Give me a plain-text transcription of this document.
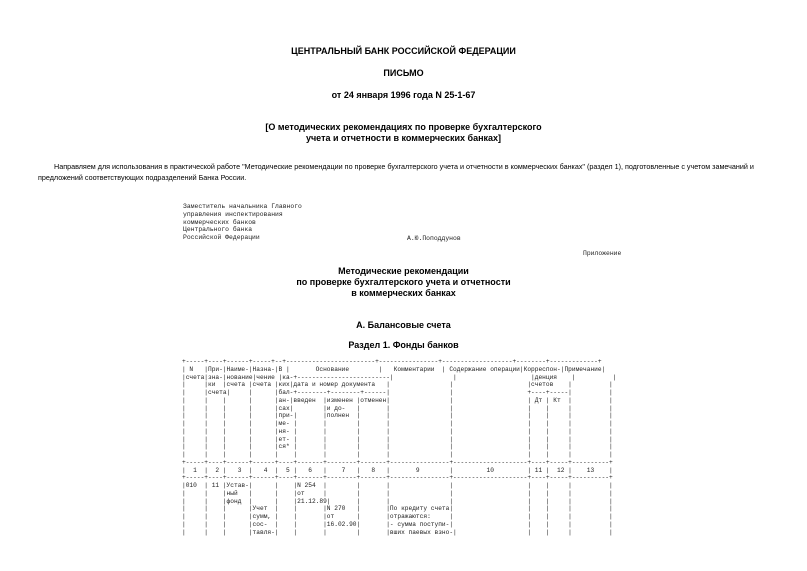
ЦЕНТРАЛЬНЫЙ БАНК РОССИЙСКОЙ ФЕДЕРАЦИИ
ПИСЬМО
от 24 января 1996 года N 25-1-67
[О методических рекомендациях по проверке бухгалтерского
учета и отчетности в коммерческих банках]
Направляем для использования в практической работе "Методические рекомендации по проверке бухгалтерского учета и отчетности в коммерческих банках" (раздел 1), подготовленные с учетом замечаний и предложений соответствующих подразделений Банка России.
Заместитель начальника Главного
управления инспектирования
коммерческих банков
Центрального банка
Российской Федерации	А.Ю.Поподдунов
Приложение
Методические рекомендации
по проверке бухгалтерского учета и отчетности
в коммерческих банках
А. Балансовые счета
Раздел 1. Фонды банков
+-----+----+------+-----+--+------------------------+----------------+-------------------+--------+-------------+
| N   |При-|Наиме-|Назна-|В |       Основание        |   Комментарии  | Содержание операции|Корреспон-|Примечание|
|счета|зна-|нование|чение |ка-+-------------------------|                |                    |денция    |          |
|     |ки  |счета |счета |ких|дата и номер документа   |                |                    |счетов    |          |
|     |счета|     |      |бал-+--------+--------+------|                |                    +----+-----|          |
|     |    |      |      |ан-|введен  |изменен |отменен|                |                    | Дт | Кт  |          |
|     |    |      |      |сах|        |и до-   |       |                |                    |    |     |          |
|     |    |      |      |при-|       |полнен  |       |                |                    |    |     |          |
|     |    |      |      |ме- |       |        |       |                |                    |    |     |          |
|     |    |      |      |ня- |       |        |       |                |                    |    |     |          |
|     |    |      |      |ет- |       |        |       |                |                    |    |     |          |
|     |    |      |      |ся* |       |        |       |                |                    |    |     |          |
|     |    |      |      |    |       |        |       |                |                    |    |     |          |
+-----+----+------+------+----+-------+--------+-------+----------------+--------------------+----+-----+----------+
|  1  |  2 |   3  |   4  |  5 |   6   |    7   |   8   |       9        |         10         | 11 |  12 |    13    |
+-----+----+------+------+----+-------+--------+-------+----------------+--------------------+----+-----+----------+
|010  | 11 |Устав-|      |    |N 254  |        |       |                |                    |    |     |          |
|     |    |ный   |      |    |от     |        |       |                |                    |    |     |          |
|     |    |фонд  |      |    |21.12.89|       |       |                |                    |    |     |          |
|     |    |      |Учет  |    |       |N 270   |       |По кредиту счета|                    |    |     |          |
|     |    |      |сумм, |    |       |от      |       |отражаются:     |                    |    |     |          |
|     |    |      |сос-  |    |       |16.02.90|       |- сумма поступи-|                    |    |     |          |
|     |    |      |тавля-|    |       |        |       |вших паевых взно-|                   |    |     |          |
